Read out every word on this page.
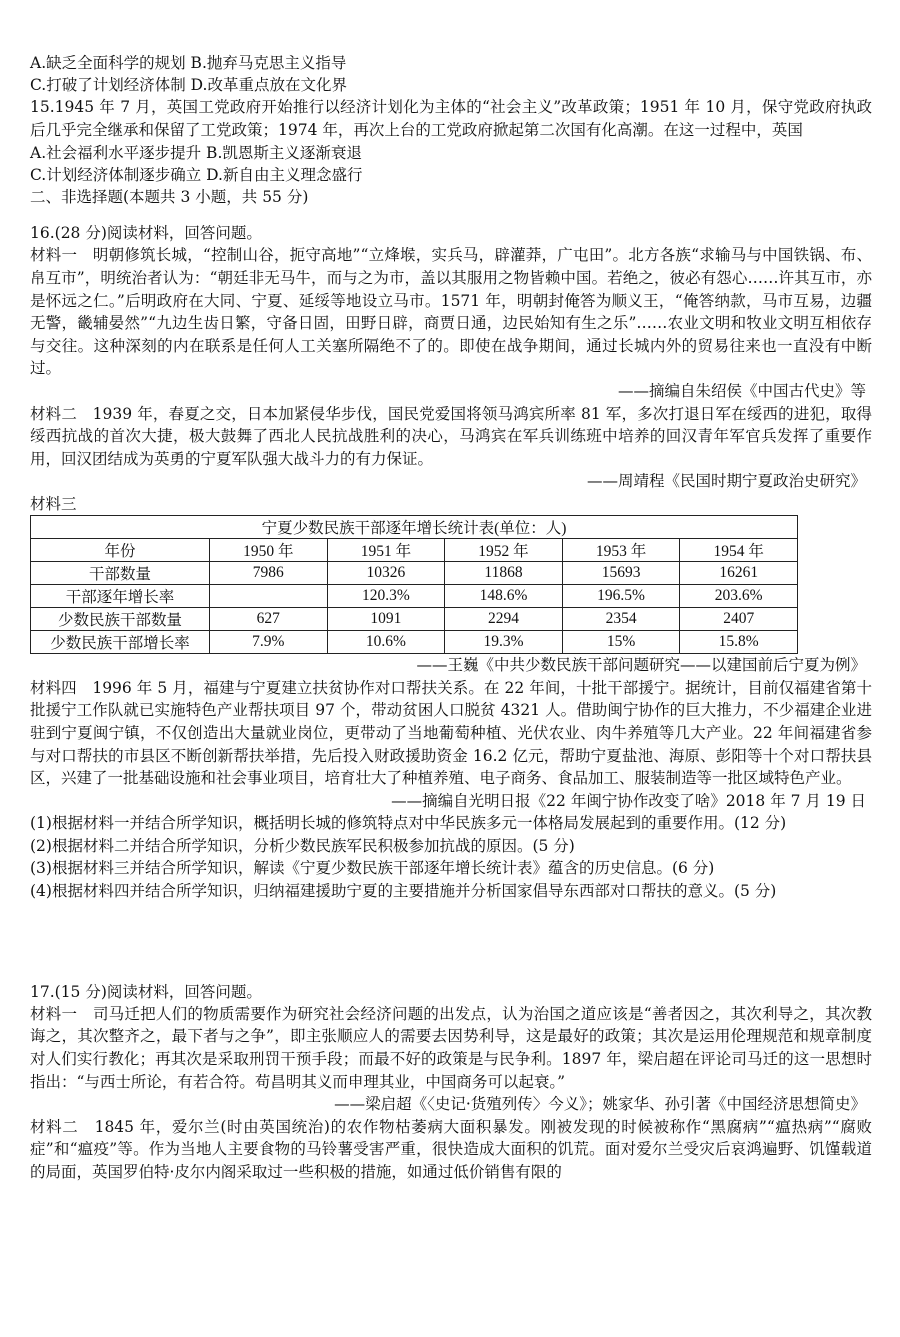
A.缺乏全面科学的规划 B.抛弃马克思主义指导

C.打破了计划经济体制 D.改革重点放在文化界

15.1945 年 7 月，英国工党政府开始推行以经济计划化为主体的“社会主义”改革政策；1951 年 10 月，保守党政府执政后几乎完全继承和保留了工党政策；1974 年，再次上台的工党政府掀起第二次国有化高潮。在这一过程中，英国

A.社会福利水平逐步提升 B.凯恩斯主义逐渐衰退

C.计划经济体制逐步确立 D.新自由主义理念盛行

二、非选择题(本题共 3 小题，共 55 分)

16.(28 分)阅读材料，回答问题。

材料一　明朝修筑长城，“控制山谷，扼守高地”“立烽堠，实兵马，辟灌莽，广屯田”。北方各族“求输马与中国铁锅、布、帛互市”，明统治者认为：“朝廷非无马牛，而与之为市，盖以其服用之物皆赖中国。若绝之，彼必有怨心……许其互市，亦是怀远之仁。”后明政府在大同、宁夏、延绥等地设立马市。1571 年，明朝封俺答为顺义王，“俺答纳款，马市互易，边疆无警，畿辅晏然”“九边生齿日繁，守备日固，田野日辟，商贾日通，边民始知有生之乐”……农业文明和牧业文明互相依存与交往。这种深刻的内在联系是任何人工关塞所隔绝不了的。即使在战争期间，通过长城内外的贸易往来也一直没有中断过。

——摘编自朱绍侯《中国古代史》等

材料二　1939 年，春夏之交，日本加紧侵华步伐，国民党爱国将领马鸿宾所率 81 军，多次打退日军在绥西的进犯，取得绥西抗战的首次大捷，极大鼓舞了西北人民抗战胜利的决心，马鸿宾在军兵训练班中培养的回汉青年军官兵发挥了重要作用，回汉团结成为英勇的宁夏军队强大战斗力的有力保证。

——周靖程《民国时期宁夏政治史研究》

材料三

宁夏少数民族干部逐年增长统计表(单位：人)					
年份	1950 年	1951 年	1952 年	1953 年	1954 年
干部数量	7986	10326	11868	15693	16261
干部逐年增长率		120.3%	148.6%	196.5%	203.6%
少数民族干部数量	627	1091	2294	2354	2407
少数民族干部增长率	7.9%	10.6%	19.3%	15%	15.8%

——王巍《中共少数民族干部问题研究——以建国前后宁夏为例》

材料四　1996 年 5 月，福建与宁夏建立扶贫协作对口帮扶关系。在 22 年间，十批干部援宁。据统计，目前仅福建省第十批援宁工作队就已实施特色产业帮扶项目 97 个，带动贫困人口脱贫 4321 人。借助闽宁协作的巨大推力，不少福建企业进驻到宁夏闽宁镇，不仅创造出大量就业岗位，更带动了当地葡萄种植、光伏农业、肉牛养殖等几大产业。22 年间福建省参与对口帮扶的市县区不断创新帮扶举措，先后投入财政援助资金 16.2 亿元，帮助宁夏盐池、海原、彭阳等十个对口帮扶县区，兴建了一批基础设施和社会事业项目，培育壮大了种植养殖、电子商务、食品加工、服装制造等一批区域特色产业。

——摘编自光明日报《22 年闽宁协作改变了啥》2018 年 7 月 19 日

(1)根据材料一并结合所学知识，概括明长城的修筑特点对中华民族多元一体格局发展起到的重要作用。(12 分)

(2)根据材料二并结合所学知识，分析少数民族军民积极参加抗战的原因。(5 分)

(3)根据材料三并结合所学知识，解读《宁夏少数民族干部逐年增长统计表》蕴含的历史信息。(6 分)

(4)根据材料四并结合所学知识，归纳福建援助宁夏的主要措施并分析国家倡导东西部对口帮扶的意义。(5 分)

17.(15 分)阅读材料，回答问题。

材料一　司马迁把人们的物质需要作为研究社会经济问题的出发点，认为治国之道应该是“善者因之，其次利导之，其次教诲之，其次整齐之，最下者与之争”，即主张顺应人的需要去因势利导，这是最好的政策；其次是运用伦理规范和规章制度对人们实行教化；再其次是采取刑罚干预手段；而最不好的政策是与民争利。1897 年，梁启超在评论司马迁的这一思想时指出：“与西士所论，有若合符。苟昌明其义而申理其业，中国商务可以起衰。”

——梁启超《〈史记·货殖列传〉今义》；姚家华、孙引著《中国经济思想简史》

材料二　1845 年，爱尔兰(时由英国统治)的农作物枯萎病大面积暴发。刚被发现的时候被称作“黑腐病”“瘟热病”“腐败症”和“瘟疫”等。作为当地人主要食物的马铃薯受害严重，很快造成大面积的饥荒。面对爱尔兰受灾后哀鸿遍野、饥馑载道的局面，英国罗伯特·皮尔内阁采取过一些积极的措施，如通过低价销售有限的
